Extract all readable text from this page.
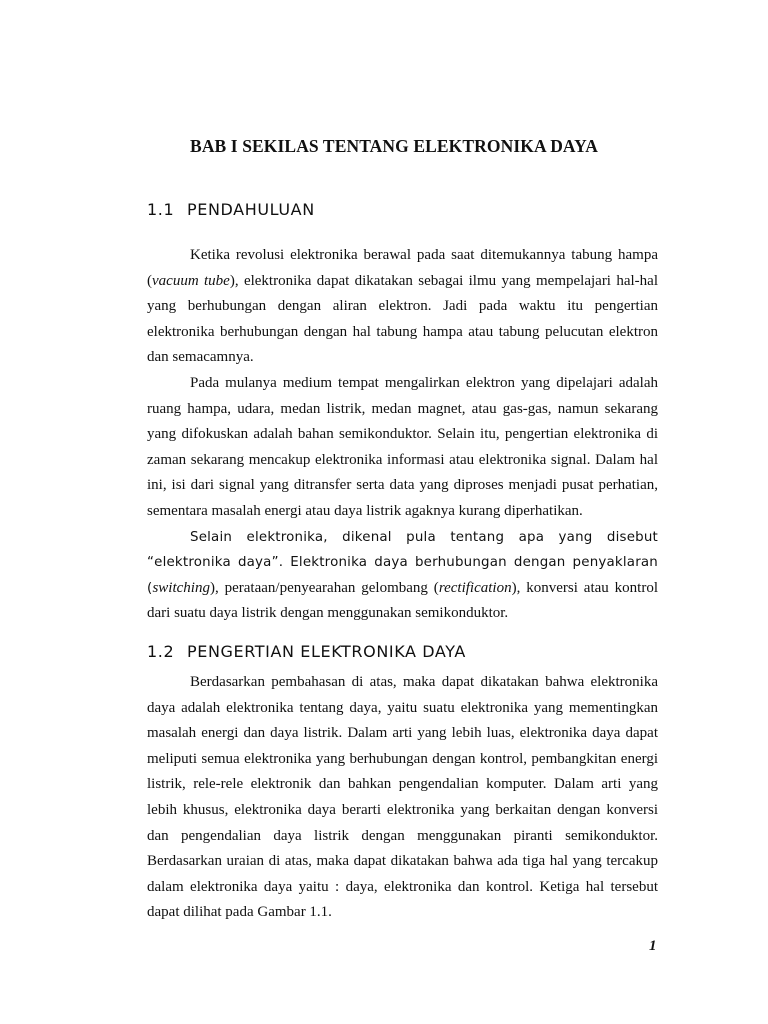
BAB I SEKILAS TENTANG ELEKTRONIKA DAYA
1.1 PENDAHULUAN

Ketika revolusi elektronika berawal pada saat ditemukannya tabung hampa (vacuum tube), elektronika dapat dikatakan sebagai ilmu yang mempelajari hal-hal yang berhubungan dengan aliran elektron. Jadi pada waktu itu pengertian elektronika berhubungan dengan hal tabung hampa atau tabung pelucutan elektron dan semacamnya.

Pada mulanya medium tempat mengalirkan elektron yang dipelajari adalah ruang hampa, udara, medan listrik, medan magnet, atau gas-gas, namun sekarang yang difokuskan adalah bahan semikonduktor. Selain itu, pengertian elektronika di zaman sekarang mencakup elektronika informasi atau elektronika signal. Dalam hal ini, isi dari signal yang ditransfer serta data yang diproses menjadi pusat perhatian, sementara masalah energi atau daya listrik agaknya kurang diperhatikan.

Selain elektronika, dikenal pula tentang apa yang disebut “elektronika daya”. Elektronika daya berhubungan dengan penyaklaran (switching), perataan/penyearahan gelombang (rectification), konversi atau kontrol dari suatu daya listrik dengan menggunakan semikonduktor.

1.2 PENGERTIAN ELEKTRONIKA DAYA

Berdasarkan pembahasan di atas, maka dapat dikatakan bahwa elektronika daya adalah elektronika tentang daya, yaitu suatu elektronika yang mementingkan masalah energi dan daya listrik. Dalam arti yang lebih luas, elektronika daya dapat meliputi semua elektronika yang berhubungan dengan kontrol, pembangkitan energi listrik, rele-rele elektronik dan bahkan pengendalian komputer. Dalam arti yang lebih khusus, elektronika daya berarti elektronika yang berkaitan dengan konversi dan pengendalian daya listrik dengan menggunakan piranti semikonduktor. Berdasarkan uraian di atas, maka dapat dikatakan bahwa ada tiga hal yang tercakup dalam elektronika daya yaitu : daya, elektronika dan kontrol. Ketiga hal tersebut dapat dilihat pada Gambar 1.1.

1
